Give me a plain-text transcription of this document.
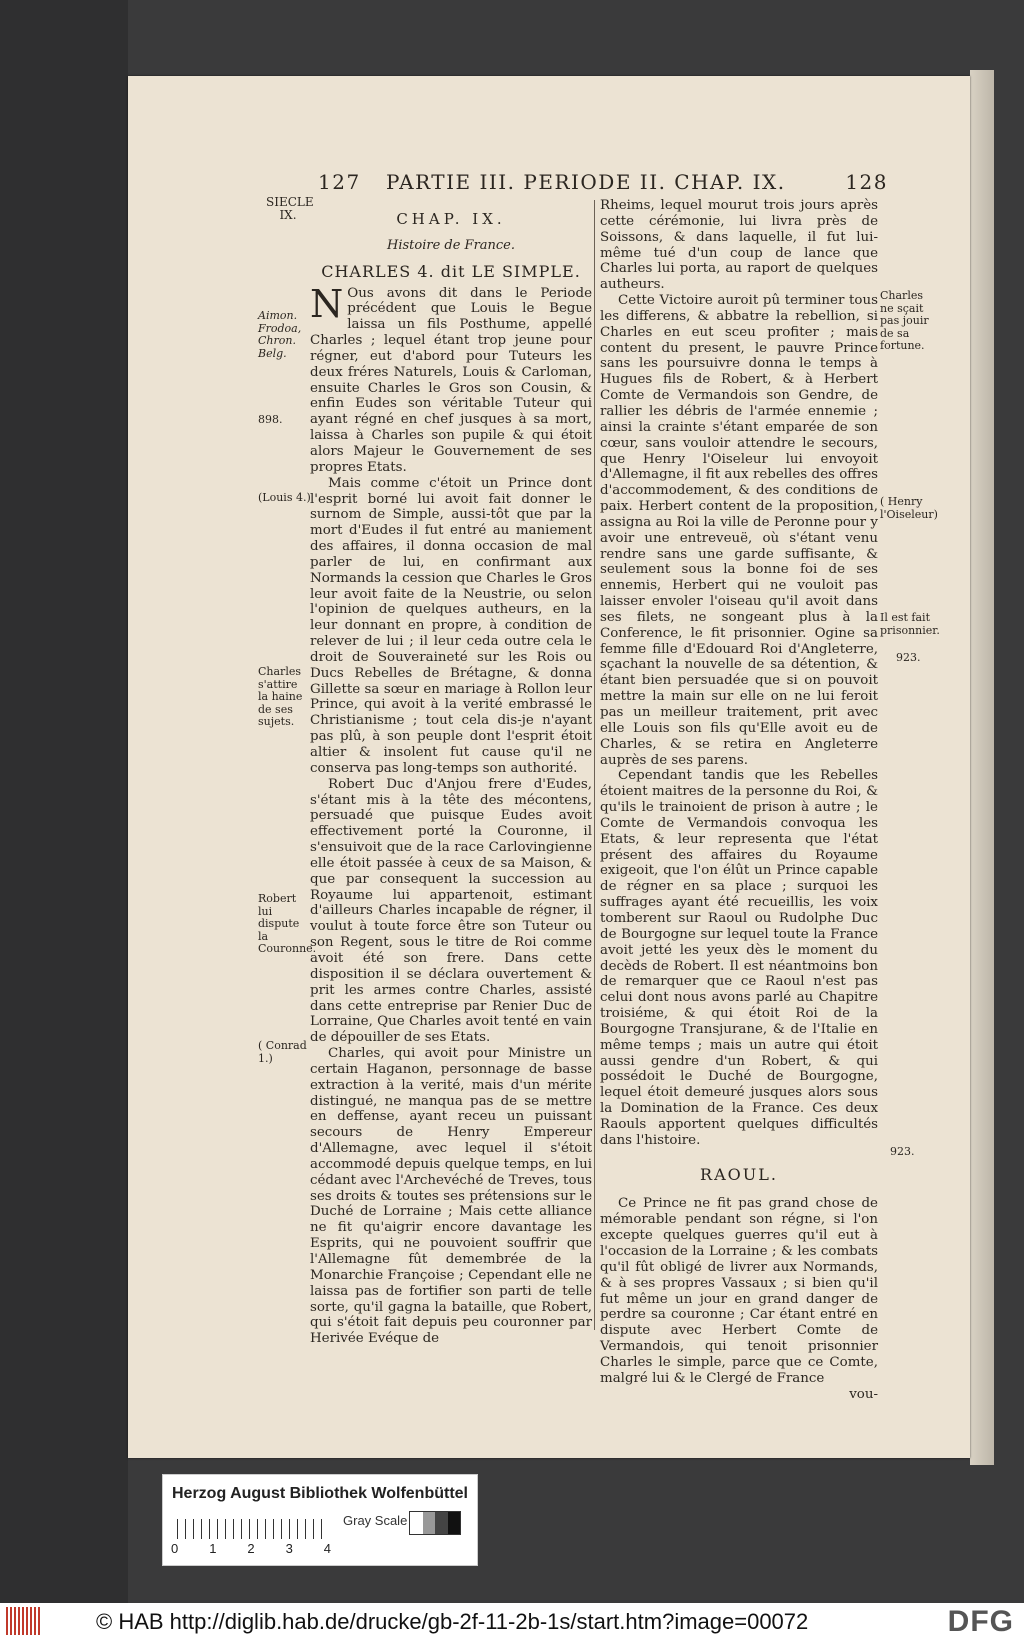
127 PARTIE III. PERIODE II. CHAP. IX.	128
SIECLE IX.	CHAP. IX.
Histoire de France.
CHARLES 4. dit LE SIMPLE.

N Ous avons dit dans le Periode précédent que Louis le Begue laissa un fils Posthume, appellé Charles ; lequel étant trop jeune pour régner, eut d'abord pour Tuteurs les deux fréres Naturels, Louis & Carloman, ensuite Charles le Gros son Cousin, & enfin Eudes son véritable Tuteur qui ayant régné en chef jusques à sa mort, laissa à Charles son pupile & qui étoit alors Majeur le Gouvernement de ses propres Etats.

Mais comme c'étoit un Prince dont l'esprit borné lui avoit fait donner le surnom de Simple, aussi-tôt que par la mort d'Eudes il fut entré au maniement des affaires, il donna occasion de mal parler de lui, en confirmant aux Normands la cession que Charles le Gros leur avoit faite de la Neustrie, ou selon l'opinion de quelques autheurs, en la leur donnant en propre, à condition de relever de lui ; il leur ceda outre cela le droit de Souveraineté sur les Rois ou Ducs Rebelles de Brétagne, & donna Gillette sa sœur en mariage à Rollon leur Prince, qui avoit à la verité embrassé le Christianisme ; tout cela dis-je n'ayant pas plû, à son peuple dont l'esprit étoit altier & insolent fut cause qu'il ne conserva pas long-temps son authorité.

Robert Duc d'Anjou frere d'Eudes, s'étant mis à la tête des mécontens, persuadé que puisque Eudes avoit effectivement porté la Couronne, il s'ensuivoit que de la race Carlovingienne elle étoit passée à ceux de sa Maison, & que par consequent la succession au Royaume lui appartenoit, estimant d'ailleurs Charles incapable de régner, il voulut à toute force être son Tuteur ou son Regent, sous le titre de Roi comme avoit été son frere. Dans cette disposition il se déclara ouvertement & prit les armes contre Charles, assisté dans cette entreprise par Renier Duc de Lorraine, Que Charles avoit tenté en vain de dépouiller de ses Etats.

Charles, qui avoit pour Ministre un certain Haganon, personnage de basse extraction à la verité, mais d'un mérite distingué, ne manqua pas de se mettre en deffense, ayant receu un puissant secours de Henry Empereur d'Allemagne, avec lequel il s'étoit accommodé depuis quelque temps, en lui cédant avec l'Archevéché de Treves, tous ses droits & toutes ses prétensions sur le Duché de Lorraine ; Mais cette alliance ne fit qu'aigrir encore davantage les Esprits, qui ne pouvoient souffrir que l'Allemagne fût demembrée de la Monarchie Françoise ; Cependant elle ne laissa pas de fortifier son parti de telle sorte, qu'il gagna la bataille, que Robert, qui s'étoit fait depuis peu couronner par Herivée Evéque de

Rheims, lequel mourut trois jours après cette cérémonie, lui livra près de Soissons, & dans laquelle, il fut lui-même tué d'un coup de lance que Charles lui porta, au raport de quelques autheurs.

Cette Victoire auroit pû terminer tous les differens, & abbatre la rebellion, si Charles en eut sceu profiter ; mais content du present, le pauvre Prince sans les poursuivre donna le temps à Hugues fils de Robert, & à Herbert Comte de Vermandois son Gendre, de rallier les débris de l'armée ennemie ; ainsi la crainte s'étant emparée de son cœur, sans vouloir attendre le secours, que Henry l'Oiseleur lui envoyoit d'Allemagne, il fit aux rebelles des offres d'accommodement, & des conditions de paix. Herbert content de la proposition, assigna au Roi la ville de Peronne pour y avoir une entreveuë, où s'étant venu rendre sans une garde suffisante, & seulement sous la bonne foi de ses ennemis, Herbert qui ne vouloit pas laisser envoler l'oiseau qu'il avoit dans ses filets, ne songeant plus à la Conference, le fit prisonnier. Ogine sa femme fille d'Edouard Roi d'Angleterre, sçachant la nouvelle de sa détention, & étant bien persuadée que si on pouvoit mettre la main sur elle on ne lui feroit pas un meilleur traitement, prit avec elle Louis son fils qu'Elle avoit eu de Charles, & se retira en Angleterre auprès de ses parens.

Cependant tandis que les Rebelles étoient maitres de la personne du Roi, & qu'ils le trainoient de prison à autre ; le Comte de Vermandois convoqua les Etats, & leur representa que l'état présent des affaires du Royaume exigeoit, que l'on élût un Prince capable de régner en sa place ; surquoi les suffrages ayant été recueillis, les voix tomberent sur Raoul ou Rudolphe Duc de Bourgogne sur lequel toute la France avoit jetté les yeux dès le moment du decèds de Robert. Il est néantmoins bon de remarquer que ce Raoul n'est pas celui dont nous avons parlé au Chapitre troisiéme, & qui étoit Roi de la Bourgogne Transjurane, & de l'Italie en même temps ; mais un autre qui étoit aussi gendre d'un Robert, & qui possédoit le Duché de Bourgogne, lequel étoit demeuré jusques alors sous la Domination de la France. Ces deux Raouls apportent quelques difficultés dans l'histoire.

RAOUL.

Ce Prince ne fit pas grand chose de mémorable pendant son régne, si l'on excepte quelques guerres qu'il eut à l'occasion de la Lorraine ; & les combats qu'il fût obligé de livrer aux Normands, & à ses propres Vassaux ; si bien qu'il fut même un jour en grand danger de perdre sa couronne ; Car étant entré en dispute avec Herbert Comte de Vermandois, qui tenoit prisonnier Charles le simple, parce que ce Comte, malgré lui & le Clergé de France

vou-

Aimon. Frodoa, Chron. Belg.
898.
(Louis 4.)
Charles s'attire la haine de ses sujets.
Robert lui dispute la Couronne.
( Conrad 1.)
Charles ne sçait pas jouir de sa fortune.
( Henry l'Oiseleur)
Il est fait prisonnier.
923.
923.
Herzog August Bibliothek Wolfenbüttel
Gray Scale
0 1 2 3 4
© HAB http://diglib.hab.de/drucke/gb-2f-11-2b-1s/start.htm?image=00072	DFG
